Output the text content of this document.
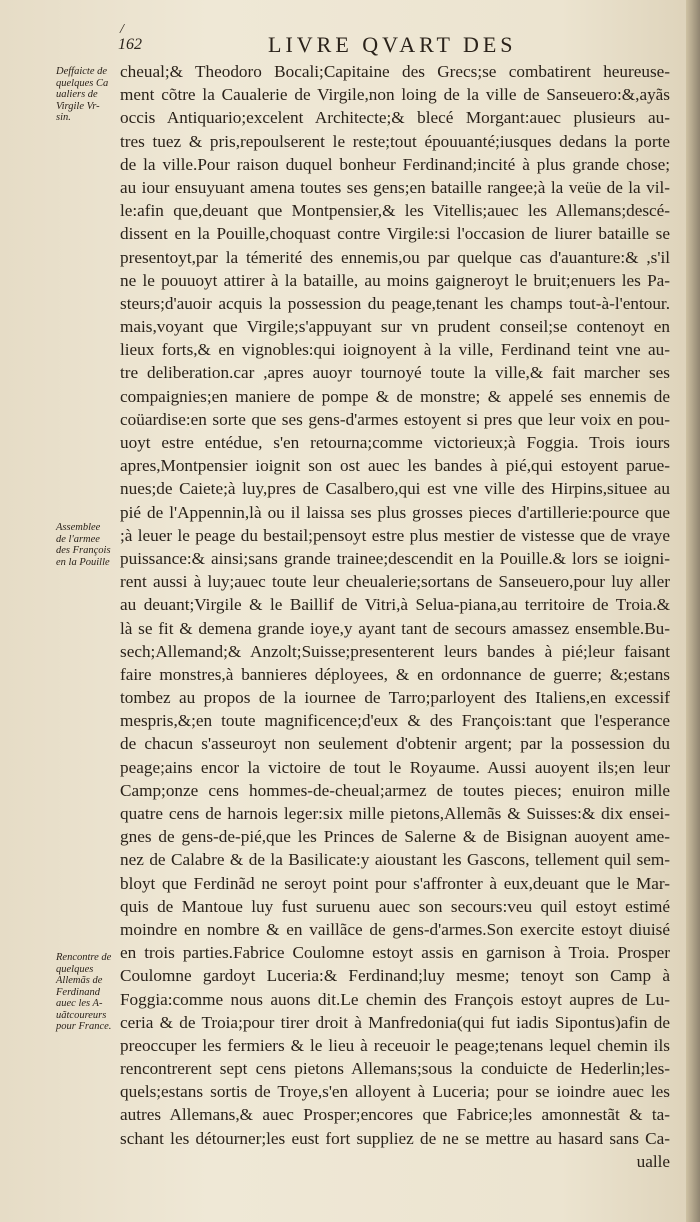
/
162	LIVRE QVART DES
Deffaicte de
quelques Ca
ualiers de
Virgile Vr-
sin.
Assemblee
de l'armee
des François
en la Pouille
Rencontre de
quelques
Allemãs de
Ferdinand
auec les A-
uãtcoureurs
pour France.
cheual;& Theodoro Bocali;Capitaine des Grecs;se combatirent heureuse-
ment cõtre la Caualerie de Virgile,non loing de la ville de Sanseuero:&,ayãs
occis Antiquario;excelent Architecte;& blecé Morgant:auec plusieurs au-
tres tuez & pris,repoulserent le reste;tout épouuanté;iusques dedans la porte
de la ville.Pour raison duquel bonheur Ferdinand;incité à plus grande chose;
au iour ensuyuant amena toutes ses gens;en bataille rangee;à la veüe de la vil-
le:afin que,deuant que Montpensier,& les Vitellis;auec les Allemans;descé-
dissent en la Pouille,choquast contre Virgile:si l'occasion de liurer bataille se
presentoyt,par la témerité des ennemis,ou par quelque cas d'auanture:& ,s'il
ne le pouuoyt attirer à la bataille, au moins gaigneroyt le bruit;enuers les Pa-
steurs;d'auoir acquis la possession du peage,tenant les champs tout-à-l'entour.
mais,voyant que Virgile;s'appuyant sur vn prudent conseil;se contenoyt en
lieux forts,& en vignobles:qui ioignoyent à la ville, Ferdinand teint vne au-
tre deliberation.car ,apres auoyr tournoyé toute la ville,& fait marcher ses
compaignies;en maniere de pompe & de monstre; & appelé ses ennemis de
coüardise:en sorte que ses gens-d'armes estoyent si pres que leur voix en pou-
uoyt estre entédue, s'en retourna;comme victorieux;à Foggia. Trois iours
apres,Montpensier ioignit son ost auec les bandes à pié,qui estoyent parue-
nues;de Caiete;à luy,pres de Casalbero,qui est vne ville des Hirpins,situee au
pié de l'Appennin,là ou il laissa ses plus grosses pieces d'artillerie:pource que
;à leuer le peage du bestail;pensoyt estre plus mestier de vistesse que de vraye
puissance:& ainsi;sans grande trainee;descendit en la Pouille.& lors se ioigni-
rent aussi à luy;auec toute leur cheualerie;sortans de Sanseuero,pour luy aller
au deuant;Virgile & le Baillif de Vitri,à Selua-piana,au territoire de Troia.&
là se fit & demena grande ioye,y ayant tant de secours amassez ensemble.Bu-
sech;Allemand;& Anzolt;Suisse;presenterent leurs bandes à pié;leur faisant
faire monstres,à bannieres déployees, & en ordonnance de guerre; &;estans
tombez au propos de la iournee de Tarro;parloyent des Italiens,en excessif
mespris,&;en toute magnificence;d'eux & des François:tant que l'esperance
de chacun s'asseuroyt non seulement d'obtenir argent; par la possession du
peage;ains encor la victoire de tout le Royaume. Aussi auoyent ils;en leur
Camp;onze cens hommes-de-cheual;armez de toutes pieces; enuiron mille
quatre cens de harnois leger:six mille pietons,Allemãs & Suisses:& dix ensei-
gnes de gens-de-pié,que les Princes de Salerne & de Bisignan auoyent ame-
nez de Calabre & de la Basilicate:y aioustant les Gascons, tellement quil sem-
bloyt que Ferdinãd ne seroyt point pour s'affronter à eux,deuant que le Mar-
quis de Mantoue luy fust suruenu auec son secours:veu quil estoyt estimé
moindre en nombre & en vaillãce de gens-d'armes.Son exercite estoyt diuisé
en trois parties.Fabrice Coulomne estoyt assis en garnison à Troia. Prosper
Coulomne gardoyt Luceria:& Ferdinand;luy mesme; tenoyt son Camp à
Foggia:comme nous auons dit.Le chemin des François estoyt aupres de Lu-
ceria & de Troia;pour tirer droit à Manfredonia(qui fut iadis Sipontus)afin de
preoccuper les fermiers & le lieu à receuoir le peage;tenans lequel chemin ils
rencontrerent sept cens pietons Allemans;sous la conduicte de Hederlin;les-
quels;estans sortis de Troye,s'en alloyent à Luceria; pour se ioindre auec les
autres Allemans,& auec Prosper;encores que Fabrice;les amonnestãt & ta-
schant les détourner;les eust fort suppliez de ne se mettre au hasard sans Ca-
ualle
